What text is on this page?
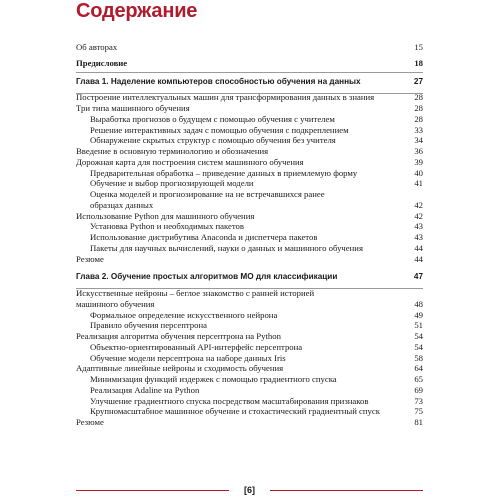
Содержание
Об авторах	15
Предисловие	18
Глава 1. Наделение компьютеров способностью обучения на данных	27
Построение интеллектуальных машин для трансформирования данных в знания	28
Три типа машинного обучения	28
Выработка прогнозов о будущем с помощью обучения с учителем	28
Решение интерактивных задач с помощью обучения с подкреплением	33
Обнаружение скрытых структур с помощью обучения без учителя	34
Введение в основную терминологию и обозначения	36
Дорожная карта для построения систем машинного обучения	39
Предварительная обработка – приведение данных в приемлемую форму	40
Обучение и выбор прогнозирующей модели	41
Оценка моделей и прогнозирование на не встречавшихся ранее
образцах данных	42
Использование Python для машинного обучения	42
Установка Python и необходимых пакетов	43
Использование дистрибутива Anaconda и диспетчера пакетов	43
Пакеты для научных вычислений, науки о данных и машинного обучения	44
Резюме	44
Глава 2. Обучение простых алгоритмов МО для классификации	47
Искусственные нейроны – беглое знакомство с ранней историей
машинного обучения	48
Формальное определение искусственного нейрона	49
Правило обучения персептрона	51
Реализация алгоритма обучения персептрона на Python	54
Объектно-ориентированный API-интерфейс персептрона	54
Обучение модели персептрона на наборе данных Iris	58
Адаптивные линейные нейроны и сходимость обучения	64
Минимизация функций издержек с помощью градиентного спуска	65
Реализация Adaline на Python	69
Улучшение градиентного спуска посредством масштабирования признаков	73
Крупномасштабное машинное обучение и стохастический градиентный спуск	75
Резюме	81
[6]
